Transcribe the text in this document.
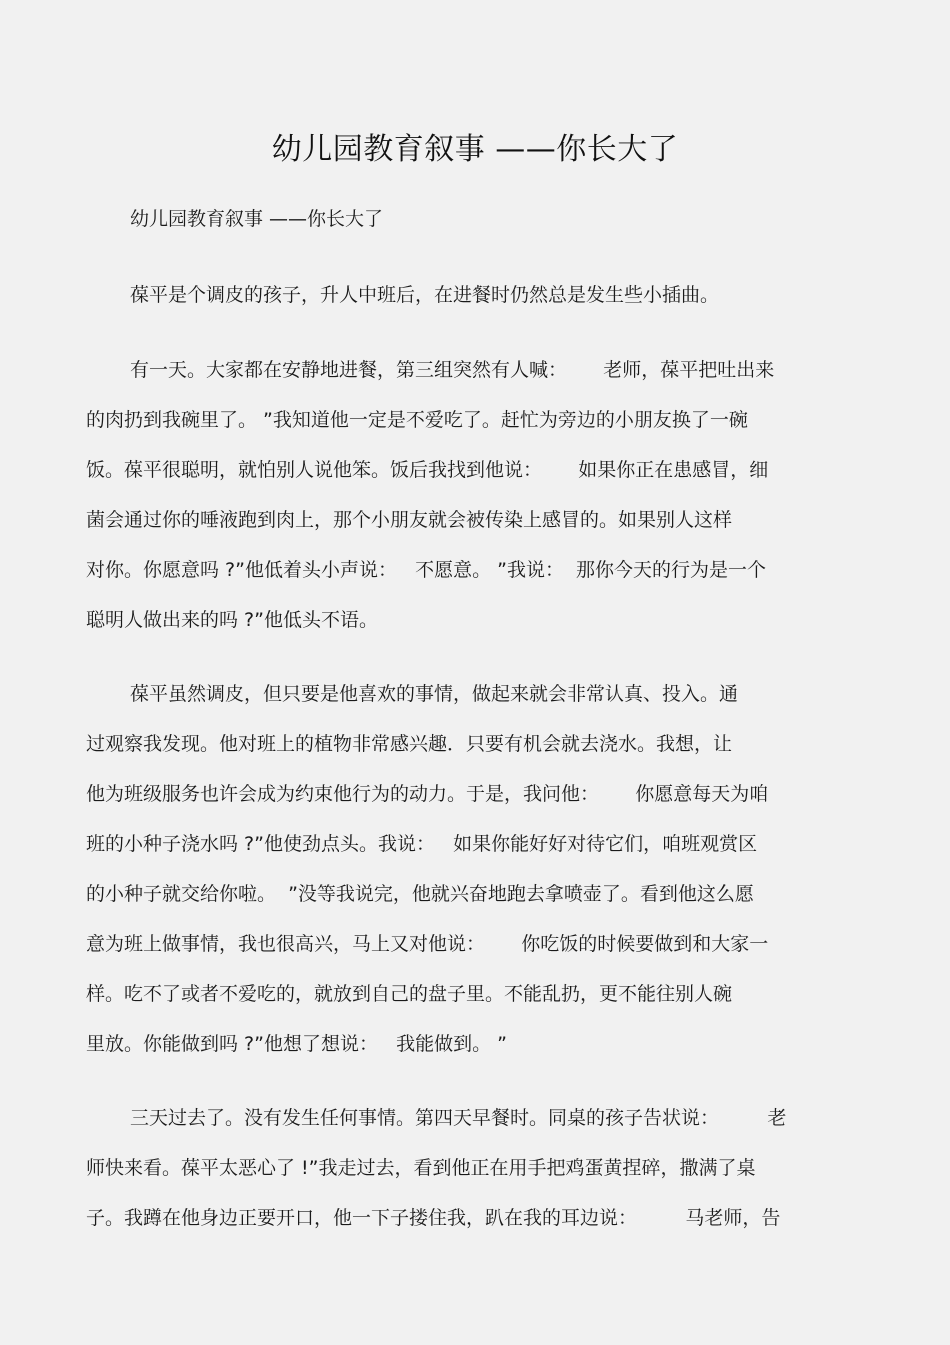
幼儿园教育叙事 ——你长大了
幼儿园教育叙事 ——你长大了
葆平是个调皮的孩子，升人中班后，在进餐时仍然总是发生些小插曲。
有一天。大家都在安静地进餐，第三组突然有人喊：      老师，葆平把吐出来
的肉扔到我碗里了。 ”我知道他一定是不爱吃了。赶忙为旁边的小朋友换了一碗
饭。葆平很聪明，就怕别人说他笨。饭后我找到他说：      如果你正在患感冒，细
菌会通过你的唾液跑到肉上，那个小朋友就会被传染上感冒的。如果别人这样
对你。你愿意吗 ?”他低着头小声说：   不愿意。 ”我说：  那你今天的行为是一个
聪明人做出来的吗 ?”他低头不语。
葆平虽然调皮，但只要是他喜欢的事情，做起来就会非常认真、投入。通
过观察我发现。他对班上的植物非常感兴趣．只要有机会就去浇水。我想，让
他为班级服务也许会成为约束他行为的动力。于是，我问他：      你愿意每天为咱
班的小种子浇水吗 ?”他使劲点头。我说：   如果你能好好对待它们，咱班观赏区
的小种子就交给你啦。  ”没等我说完，他就兴奋地跑去拿喷壶了。看到他这么愿
意为班上做事情，我也很高兴，马上又对他说：      你吃饭的时候要做到和大家一
样。吃不了或者不爱吃的，就放到自己的盘子里。不能乱扔，更不能往别人碗
里放。你能做到吗 ?”他想了想说：   我能做到。 ”
三天过去了。没有发生任何事情。第四天早餐时。同桌的孩子告状说：        老
师快来看。葆平太恶心了 !”我走过去，看到他正在用手把鸡蛋黄捏碎，撒满了桌
子。我蹲在他身边正要开口，他一下子搂住我，趴在我的耳边说：        马老师，告
